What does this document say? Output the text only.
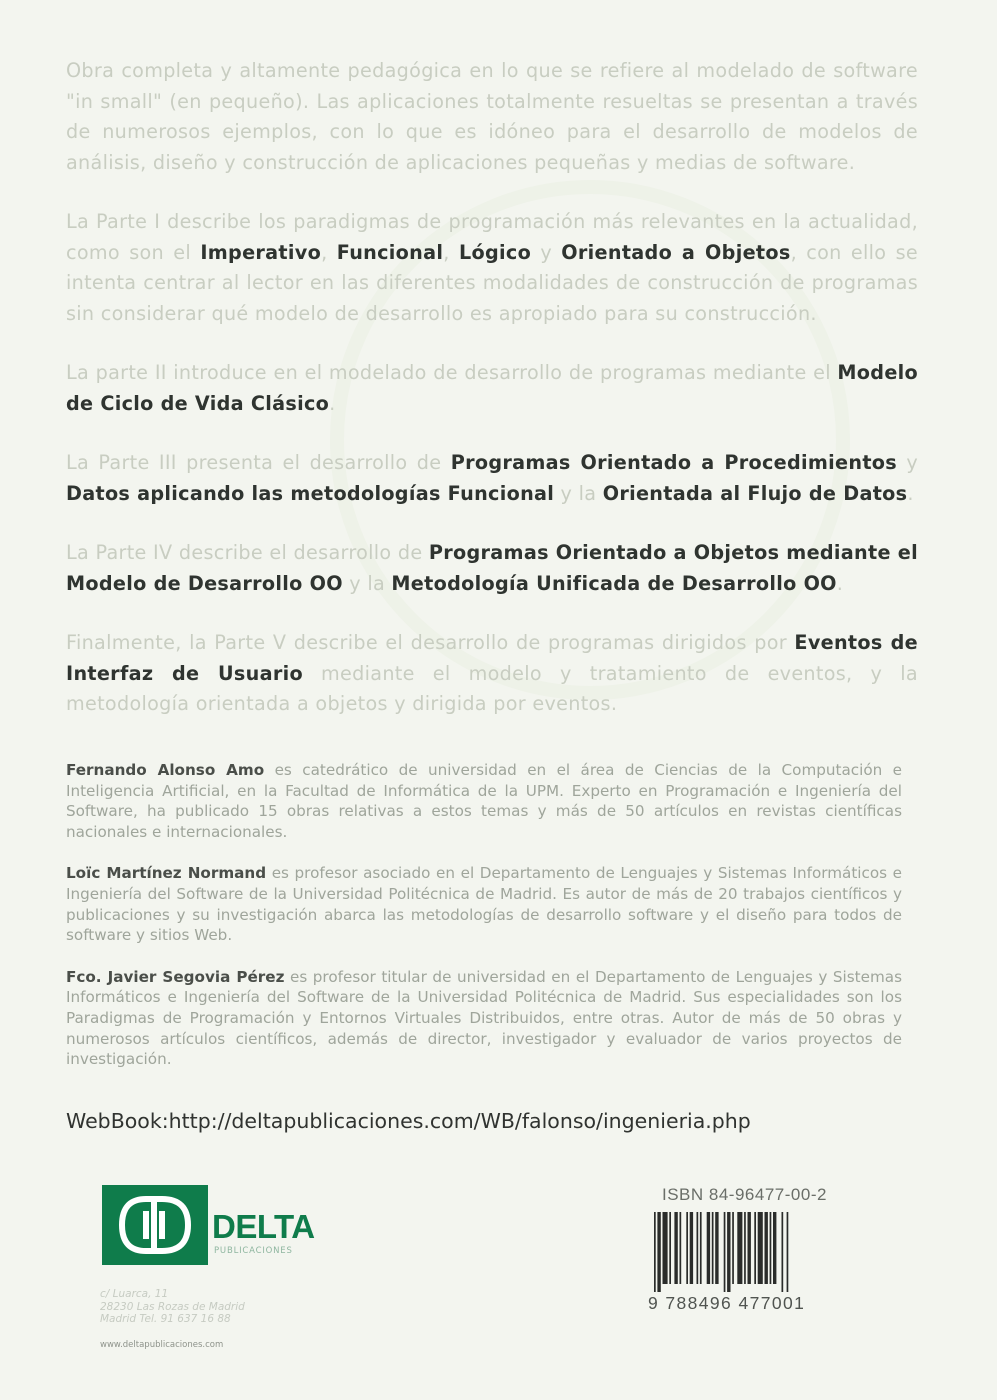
Obra completa y altamente pedagógica en lo que se refiere al modelado de software "in small" (en pequeño). Las aplicaciones totalmente resueltas se presentan a través de numerosos ejemplos, con lo que es idóneo para el desarrollo de modelos de análisis, diseño y construcción de aplicaciones pequeñas y medias de software.

La Parte I describe los paradigmas de programación más relevantes en la actualidad, como son el Imperativo, Funcional, Lógico y Orientado a Objetos, con ello se intenta centrar al lector en las diferentes modalidades de construcción de programas sin considerar qué modelo de desarrollo es apropiado para su construcción.

La parte II introduce en el modelado de desarrollo de programas mediante el Modelo de Ciclo de Vida Clásico.

La Parte III presenta el desarrollo de Programas Orientado a Procedimientos y Datos aplicando las metodologías Funcional y la Orientada al Flujo de Datos.

La Parte IV describe el desarrollo de Programas Orientado a Objetos mediante el Modelo de Desarrollo OO y la Metodología Unificada de Desarrollo OO.

Finalmente, la Parte V describe el desarrollo de programas dirigidos por Eventos de Interfaz de Usuario mediante el modelo y tratamiento de eventos, y la metodología orientada a objetos y dirigida por eventos.

Fernando Alonso Amo es catedrático de universidad en el área de Ciencias de la Computación e Inteligencia Artificial, en la Facultad de Informática de la UPM. Experto en Programación e Ingeniería del Software, ha publicado 15 obras relativas a estos temas y más de 50 artículos en revistas científicas nacionales e internacionales.

Loïc Martínez Normand es profesor asociado en el Departamento de Lenguajes y Sistemas Informáticos e Ingeniería del Software de la Universidad Politécnica de Madrid. Es autor de más de 20 trabajos científicos y publicaciones y su investigación abarca las metodologías de desarrollo software y el diseño para todos de software y sitios Web.

Fco. Javier Segovia Pérez es profesor titular de universidad en el Departamento de Lenguajes y Sistemas Informáticos e Ingeniería del Software de la Universidad Politécnica de Madrid. Sus especialidades son los Paradigmas de Programación y Entornos Virtuales Distribuidos, entre otras. Autor de más de 50 obras y numerosos artículos científicos, además de director, investigador y evaluador de varios proyectos de investigación.

WebBook:http://deltapublicaciones.com/WB/falonso/ingenieria.php
DELTA
PUBLICACIONES
c/ Luarca, 11
28230 Las Rozas de Madrid
Madrid Tel. 91 637 16 88
www.deltapublicaciones.com
ISBN 84-96477-00-2
9 788496 477001
